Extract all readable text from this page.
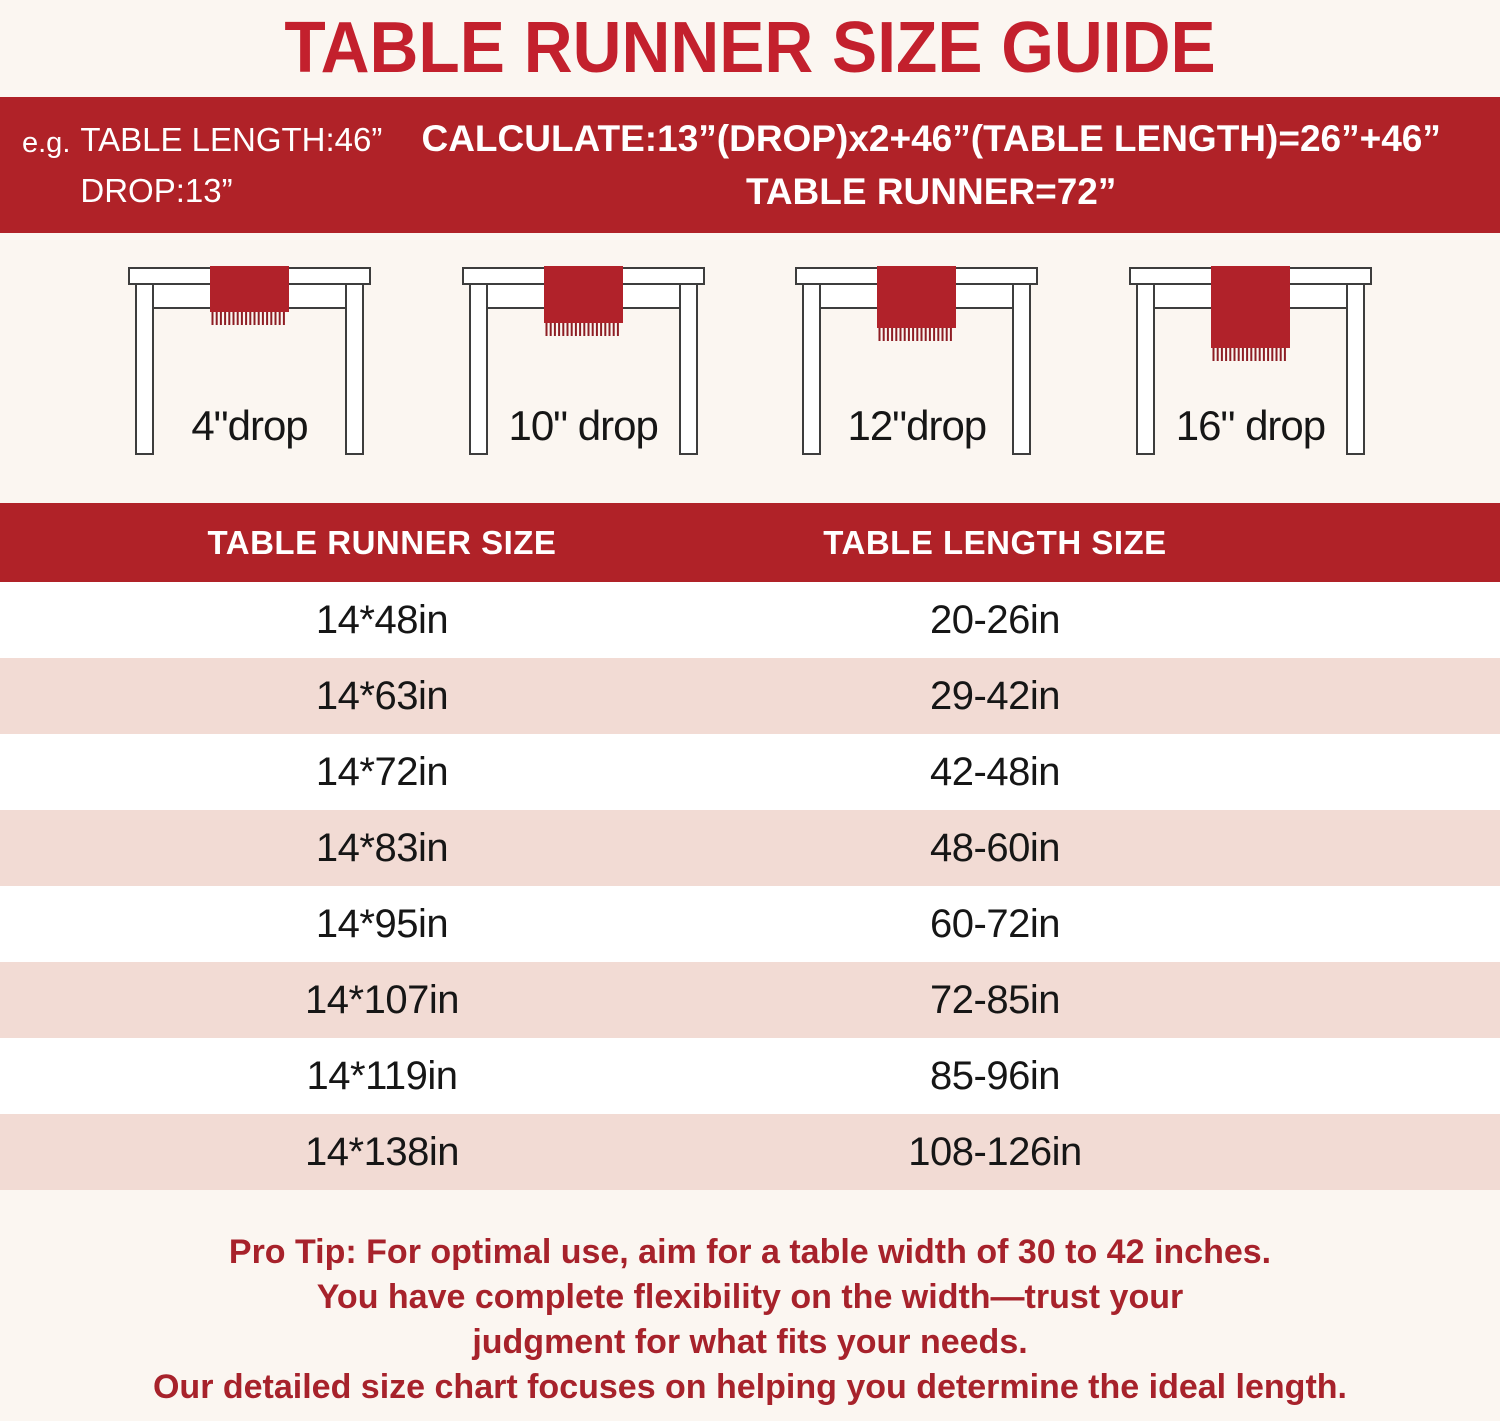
TABLE RUNNER SIZE GUIDE
e.g. TABLE LENGTH:46”
DROP:13”
CALCULATE:13”(DROP)x2+46”(TABLE LENGTH)=26”+46”
TABLE RUNNER=72”
4"drop	10" drop	12"drop	16" drop
TABLE RUNNER SIZE	TABLE LENGTH SIZE
14*48in	20-26in
14*63in	29-42in
14*72in	42-48in
14*83in	48-60in
14*95in	60-72in
14*107in	72-85in
14*119in	85-96in
14*138in	108-126in
Pro Tip: For optimal use, aim for a table width of 30 to 42 inches.
You have complete flexibility on the width—trust your
judgment for what fits your needs.
Our detailed size chart focuses on helping you determine the ideal length.
